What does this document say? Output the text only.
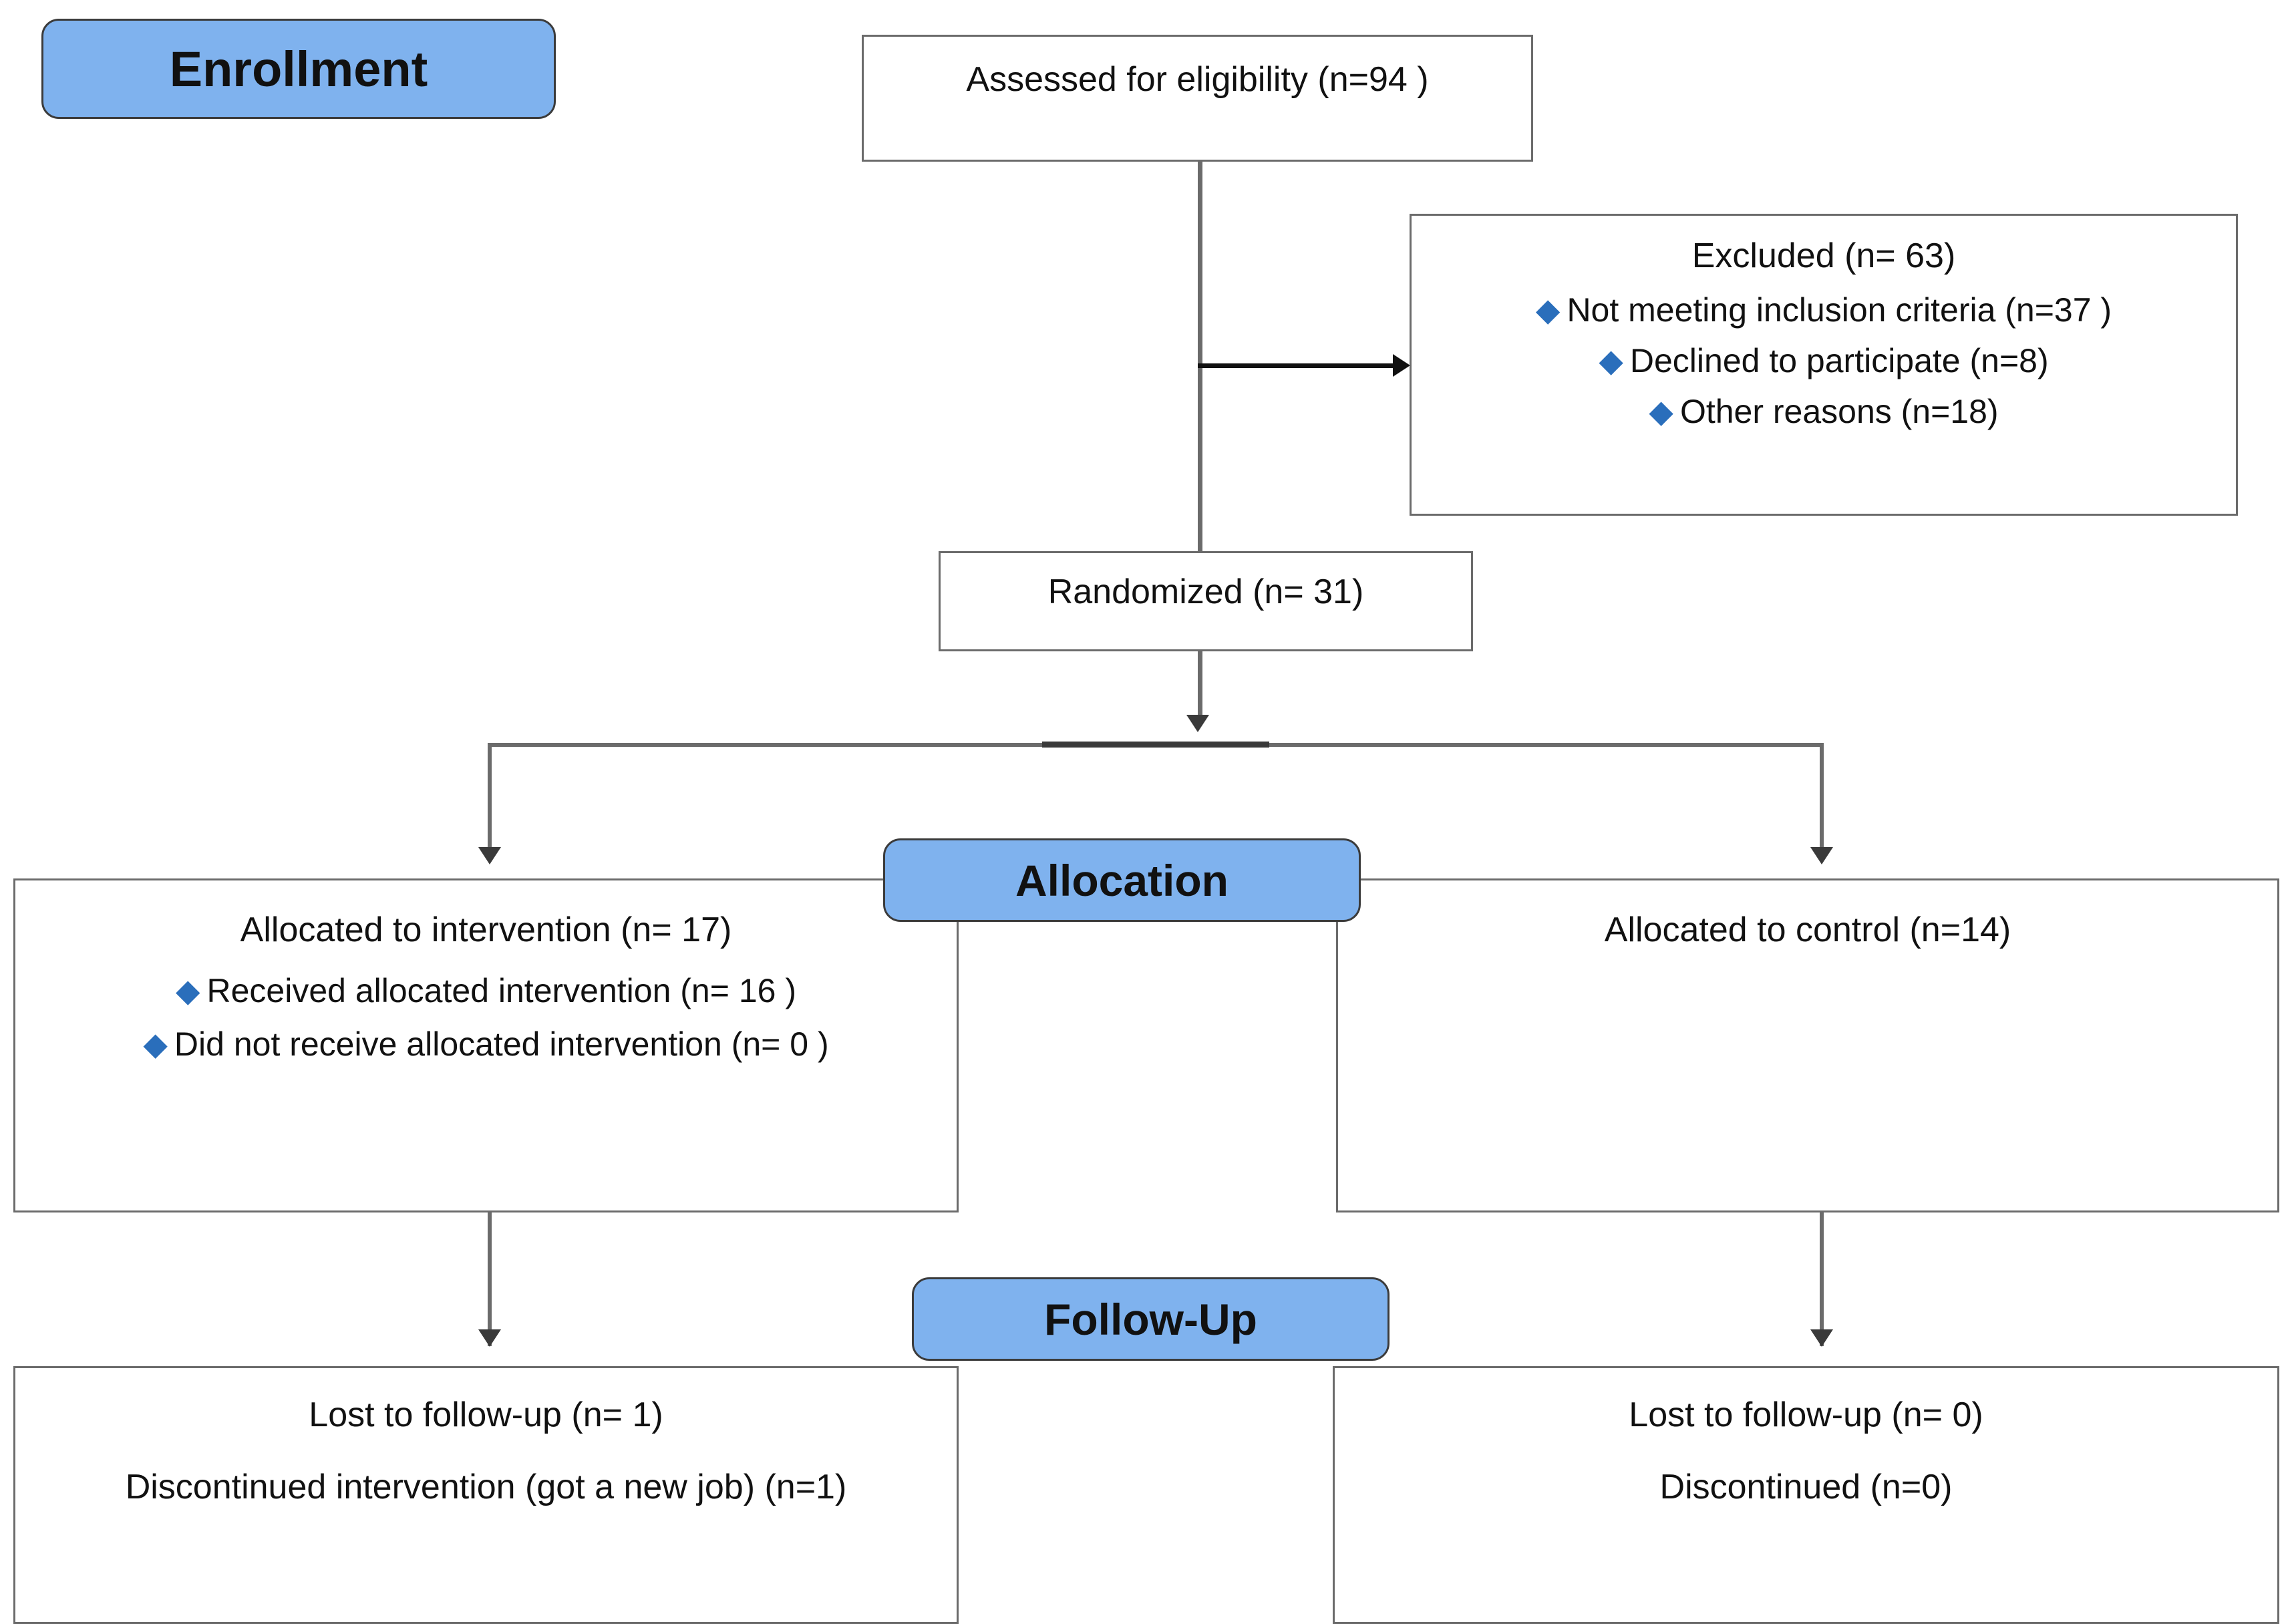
Enrollment	Assessed for eligibility (n=94 )
Excluded (n= 63)
◆ Not meeting inclusion criteria (n=37 )
◆ Declined to participate (n=8)
◆ Other reasons (n=18)
Randomized (n= 31)
Allocated to intervention (n= 17)
◆ Received allocated intervention (n= 16 )
◆ Did not receive allocated intervention (n= 0 )
Allocated to control (n=14)
Allocation
Lost to follow-up (n= 1)
Discontinued intervention (got a new job) (n=1)
Lost to follow-up (n= 0)
Discontinued (n=0)
Follow-Up
